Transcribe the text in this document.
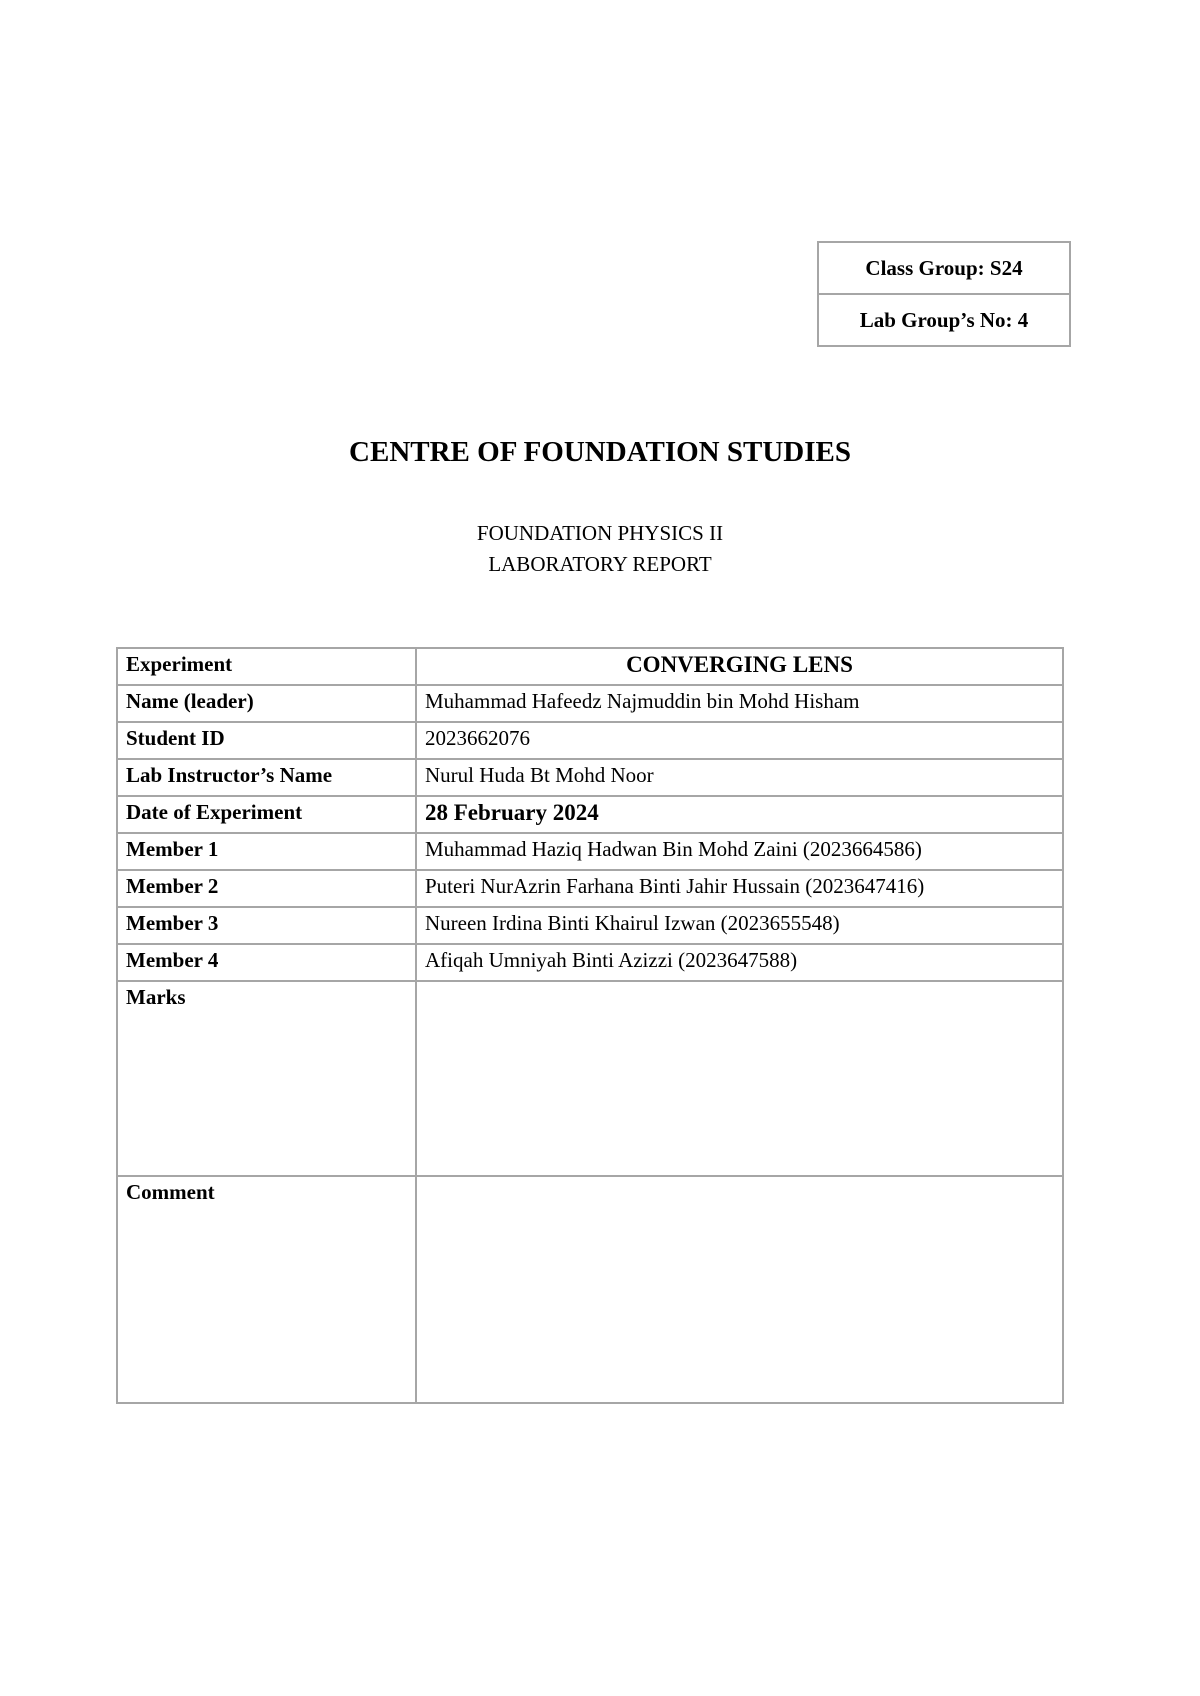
Class Group: S24
Lab Group’s No: 4
CENTRE OF FOUNDATION STUDIES
FOUNDATION PHYSICS II
LABORATORY REPORT
Experiment	CONVERGING LENS
Name (leader)	Muhammad Hafeedz Najmuddin bin Mohd Hisham
Student ID	2023662076
Lab Instructor’s Name	Nurul Huda Bt Mohd Noor
Date of Experiment	28 February 2024
Member 1	Muhammad Haziq Hadwan Bin Mohd Zaini (2023664586)
Member 2	Puteri NurAzrin Farhana Binti Jahir Hussain (2023647416)
Member 3	Nureen Irdina Binti Khairul Izwan (2023655548)
Member 4	Afiqah Umniyah Binti Azizzi (2023647588)
Marks	
Comment	
